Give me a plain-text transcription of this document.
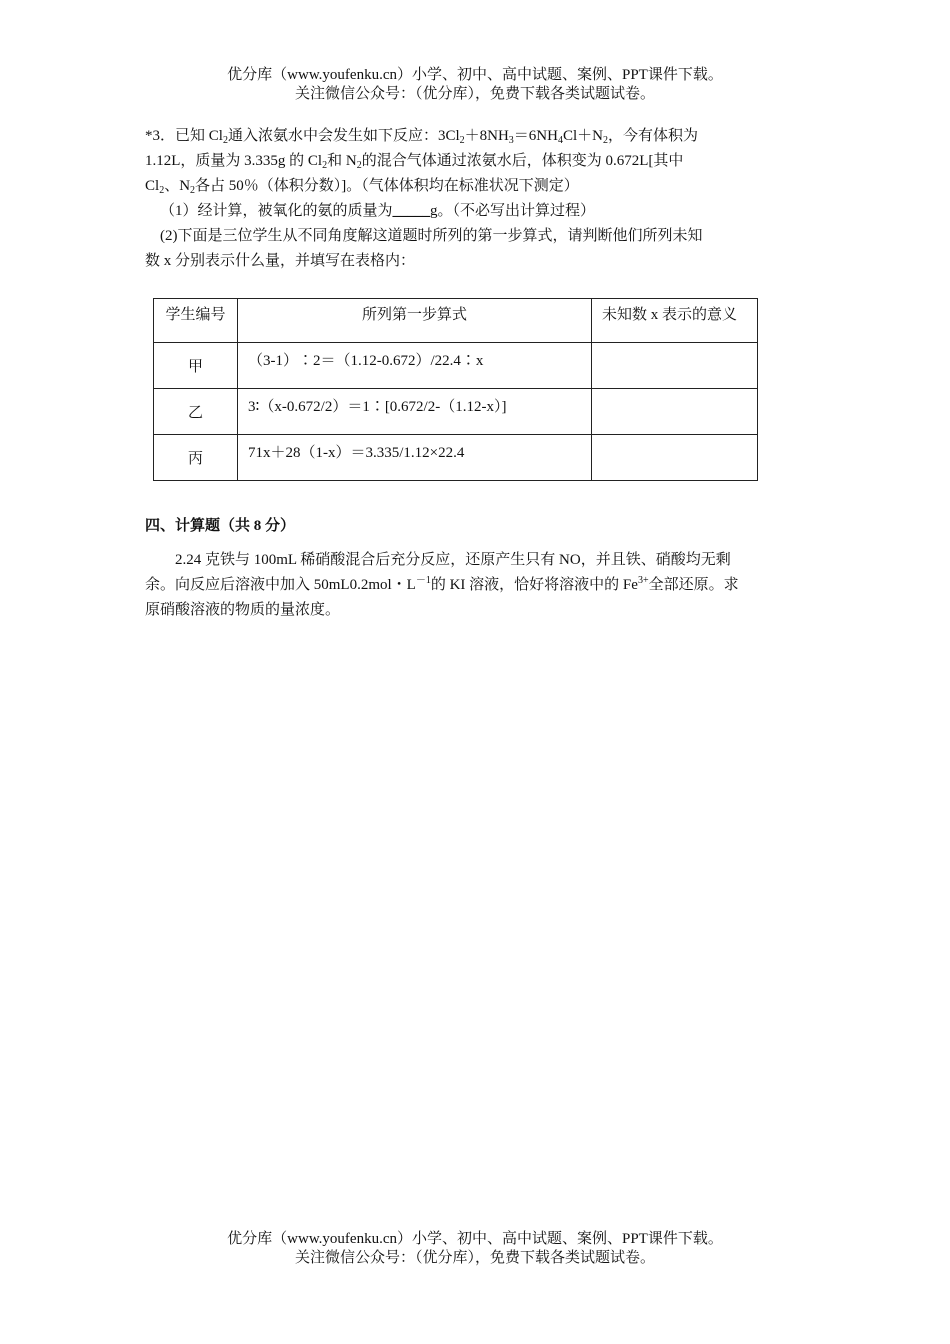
优分库（www.youfenku.cn）小学、初中、高中试题、案例、PPT课件下载。
关注微信公众号：（优分库），免费下载各类试题试卷。
*3．已知 $Cl_2$通入浓氨水中会发生如下反应：$3Cl_2+8NH_3=6NH_4Cl+N_2$，今有体积为
1.12L，质量为 3.335g 的 $Cl_2$和 $N_2$的混合气体通过浓氨水后，体积变为 0.672L[其中
$Cl_2$、$N_2$各占 50％（体积分数）]。（气体体积均在标准状况下测定）
（1）经计算，被氧化的氨的质量为_____g。（不必写出计算过程）
(2)下面是三位学生从不同角度解这道题时所列的第一步算式，请判断他们所列未知
数 x 分别表示什么量，并填写在表格内：
学生编号	所列第一步算式	未知数 x 表示的意义
甲	（3-1）∶2＝（1.12-0.672）/22.4∶x	
乙	3∶（x-0.672/2）＝1∶[0.672/2-（1.12-x）]	
丙	71x＋28（1-x）＝3.335/1.12×22.4	
四、计算题（共 8 分）
2.24 克铁与 100mL 稀硝酸混合后充分反应，还原产生只有 NO，并且铁、硝酸均无剩
余。向反应后溶液中加入 50mL0.2mol・$L^{-1}$的 KI 溶液，恰好将溶液中的 $Fe^{3+}$全部还原。求
原硝酸溶液的物质的量浓度。
优分库（www.youfenku.cn）小学、初中、高中试题、案例、PPT课件下载。
关注微信公众号：（优分库），免费下载各类试题试卷。
